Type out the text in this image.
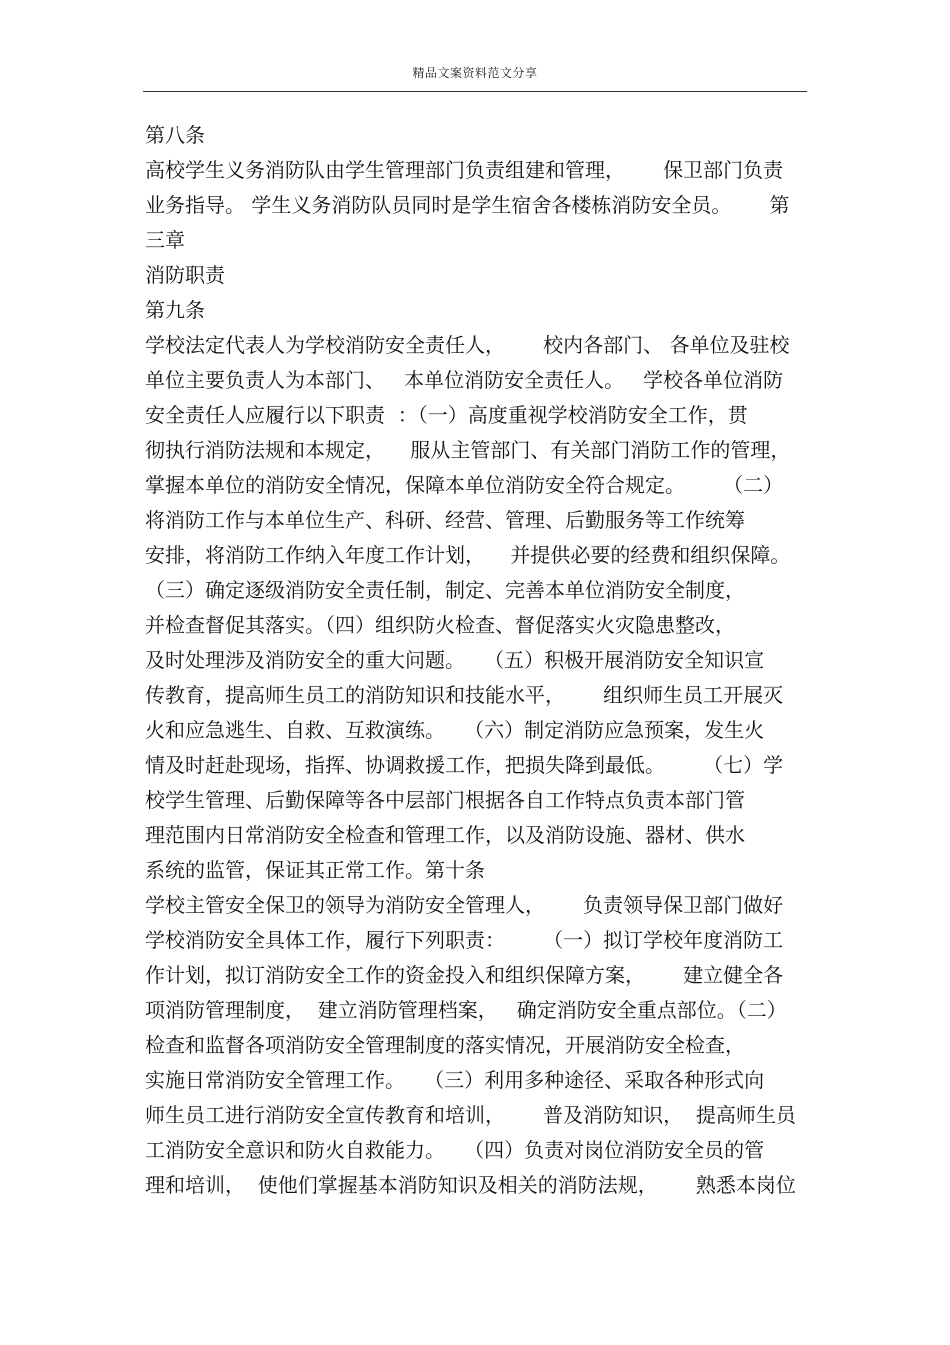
精品文案资料范文分享
第八条
高校学生义务消防队由学生管理部门负责组建和管理，      保卫部门负责
业务指导。 学生义务消防队员同时是学生宿舍各楼栋消防安全员。      第
三章
消防职责
第九条
学校法定代表人为学校消防安全责任人，      校内各部门、 各单位及驻校
单位主要负责人为本部门、   本单位消防安全责任人。   学校各单位消防
安全责任人应履行以下职责  ：（一）高度重视学校消防安全工作，贯
彻执行消防法规和本规定，    服从主管部门、有关部门消防工作的管理，
掌握本单位的消防安全情况，保障本单位消防安全符合规定。      （二）
将消防工作与本单位生产、科研、经营、管理、后勤服务等工作统筹
安排，将消防工作纳入年度工作计划，    并提供必要的经费和组织保障。
（三）确定逐级消防安全责任制，制定、完善本单位消防安全制度，
并检查督促其落实。（四）组织防火检查、督促落实火灾隐患整改，
及时处理涉及消防安全的重大问题。   （五）积极开展消防安全知识宣
传教育，提高师生员工的消防知识和技能水平，      组织师生员工开展灭
火和应急逃生、自救、互救演练。   （六）制定消防应急预案，发生火
情及时赶赴现场，指挥、协调救援工作，把损失降到最低。      （七）学
校学生管理、后勤保障等各中层部门根据各自工作特点负责本部门管
理范围内日常消防安全检查和管理工作，以及消防设施、器材、供水
系统的监管，保证其正常工作。第十条
学校主管安全保卫的领导为消防安全管理人，      负责领导保卫部门做好
学校消防安全具体工作，履行下列职责：      （一）拟订学校年度消防工
作计划，拟订消防安全工作的资金投入和组织保障方案，      建立健全各
项消防管理制度，  建立消防管理档案，   确定消防安全重点部位。（二）
检查和监督各项消防安全管理制度的落实情况，开展消防安全检查，
实施日常消防安全管理工作。   （三）利用多种途径、采取各种形式向
师生员工进行消防安全宣传教育和培训，      普及消防知识，  提高师生员
工消防安全意识和防火自救能力。   （四）负责对岗位消防安全员的管
理和培训，  使他们掌握基本消防知识及相关的消防法规，      熟悉本岗位
